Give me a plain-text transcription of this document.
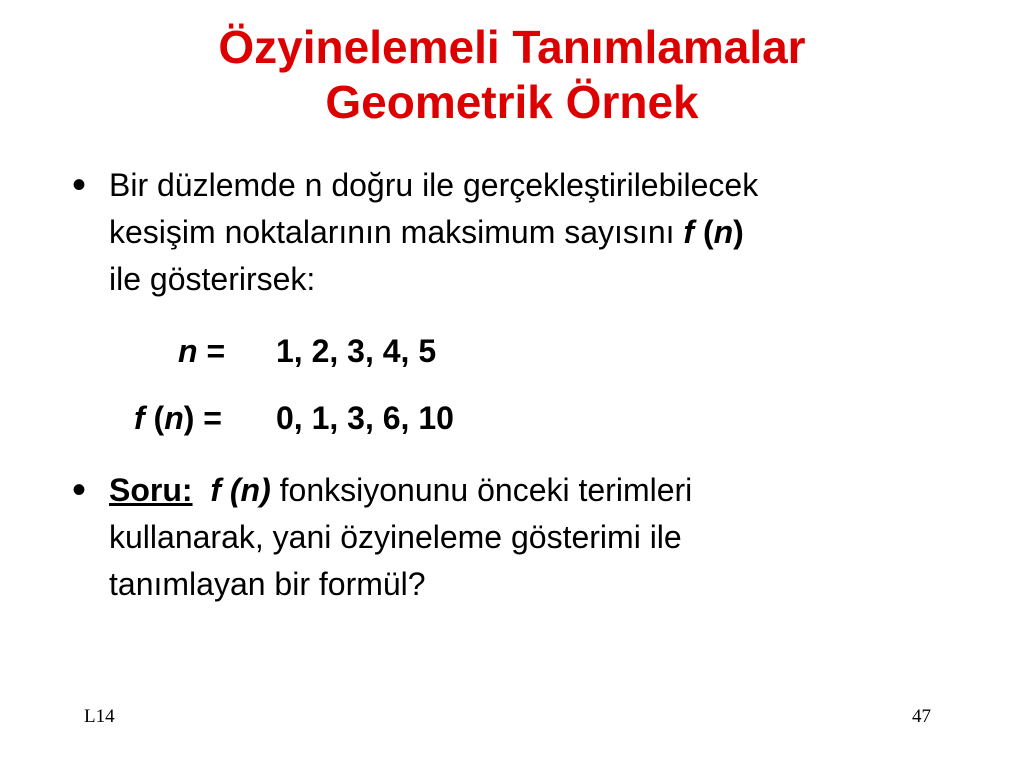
Özyinelemeli Tanımlamalar
Geometrik Örnek
• Bir düzlemde n doğru ile gerçekleştirilebilecek
kesişim noktalarının maksimum sayısını f (n)
ile gösterirsek:
n = 1, 2, 3, 4, 5
f (n) = 0, 1, 3, 6, 10
• Soru: f (n) fonksiyonunu önceki terimleri
kullanarak, yani özyineleme gösterimi ile
tanımlayan bir formül?
L14	47
